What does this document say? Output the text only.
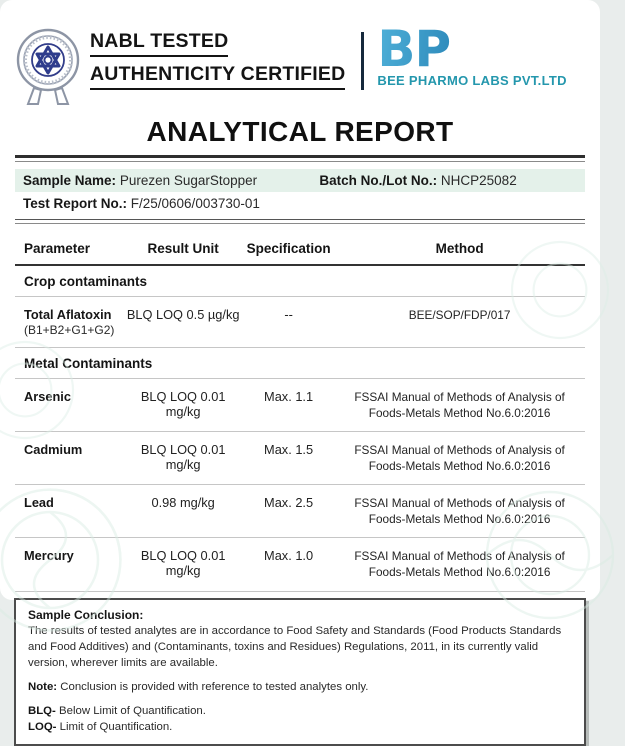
NABL TESTED
AUTHENTICITY CERTIFIED BP
BEE PHARMO LABS PVT.LTD
ANALYTICAL REPORT
Sample Name: Purezen SugarStopper	Batch No./Lot No.: NHCP25082
Test Report No.: F/25/0606/003730-01
Parameter	Result Unit	Specification	Method
Crop contaminants			
Total Aflatoxin
(B1+B2+G1+G2)	BLQ LOQ 0.5 µg/kg	--	BEE/SOP/FDP/017
Metal Contaminants			
Arsenic	BLQ LOQ 0.01 mg/kg	Max. 1.1	FSSAI Manual of Methods of Analysis of Foods-Metals Method No.6.0:2016
Cadmium	BLQ LOQ 0.01 mg/kg	Max. 1.5	FSSAI Manual of Methods of Analysis of Foods-Metals Method No.6.0:2016
Lead	0.98 mg/kg	Max. 2.5	FSSAI Manual of Methods of Analysis of Foods-Metals Method No.6.0:2016
Mercury	BLQ LOQ 0.01 mg/kg	Max. 1.0	FSSAI Manual of Methods of Analysis of Foods-Metals Method No.6.0:2016
Sample Conclusion:
The results of tested analytes are in accordance to Food Safety and Standards (Food Products Standards and Food Additives) and (Contaminants, toxins and Residues) Regulations, 2011, in its currently valid version, wherever limits are available.
Note: Conclusion is provided with reference to tested analytes only.
BLQ- Below Limit of Quantification.
LOQ- Limit of Quantification.
